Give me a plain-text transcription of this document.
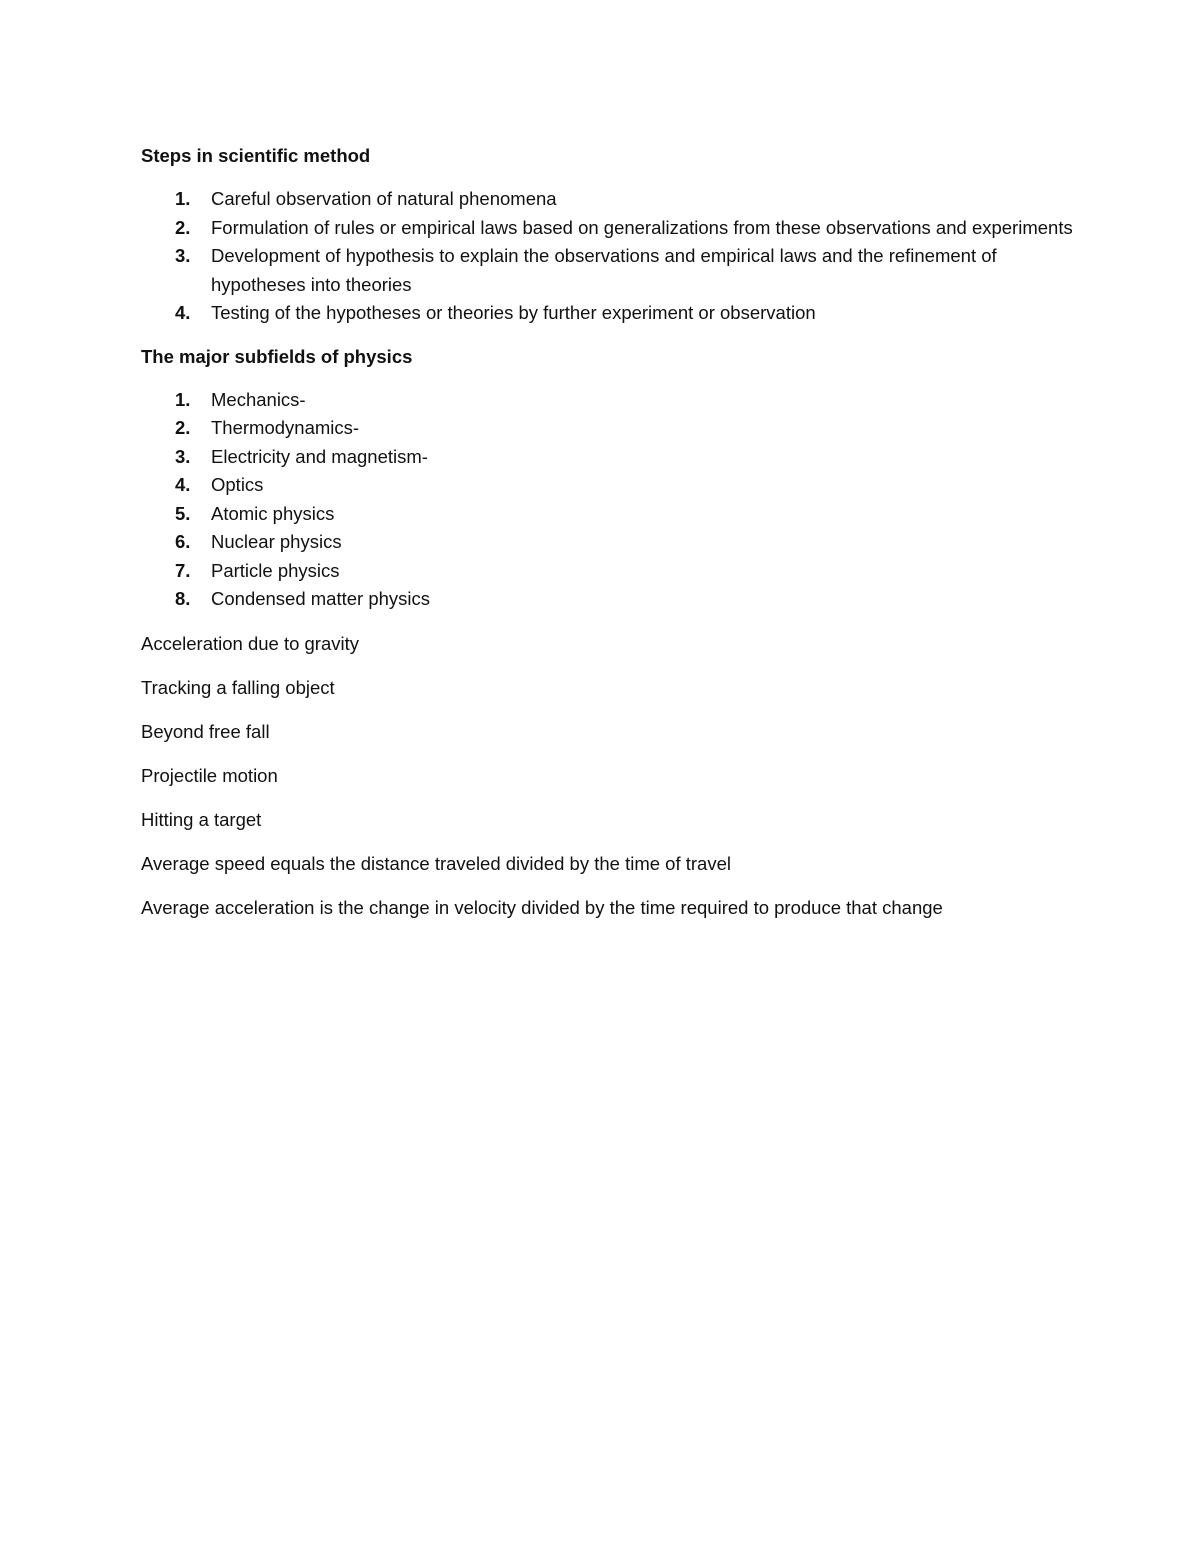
Steps in scientific method
1. Careful observation of natural phenomena
2. Formulation of rules or empirical laws based on generalizations from these observations and experiments
3. Development of hypothesis to explain the observations and empirical laws and the refinement of hypotheses into theories
4. Testing of the hypotheses or theories by further experiment or observation
The major subfields of physics
1. Mechanics-
2. Thermodynamics-
3. Electricity and magnetism-
4. Optics
5. Atomic physics
6. Nuclear physics
7. Particle physics
8. Condensed matter physics

Acceleration due to gravity

Tracking a falling object

Beyond free fall

Projectile motion

Hitting a target

Average speed equals the distance traveled divided by the time of travel

Average acceleration is the change in velocity divided by the time required to produce that change
